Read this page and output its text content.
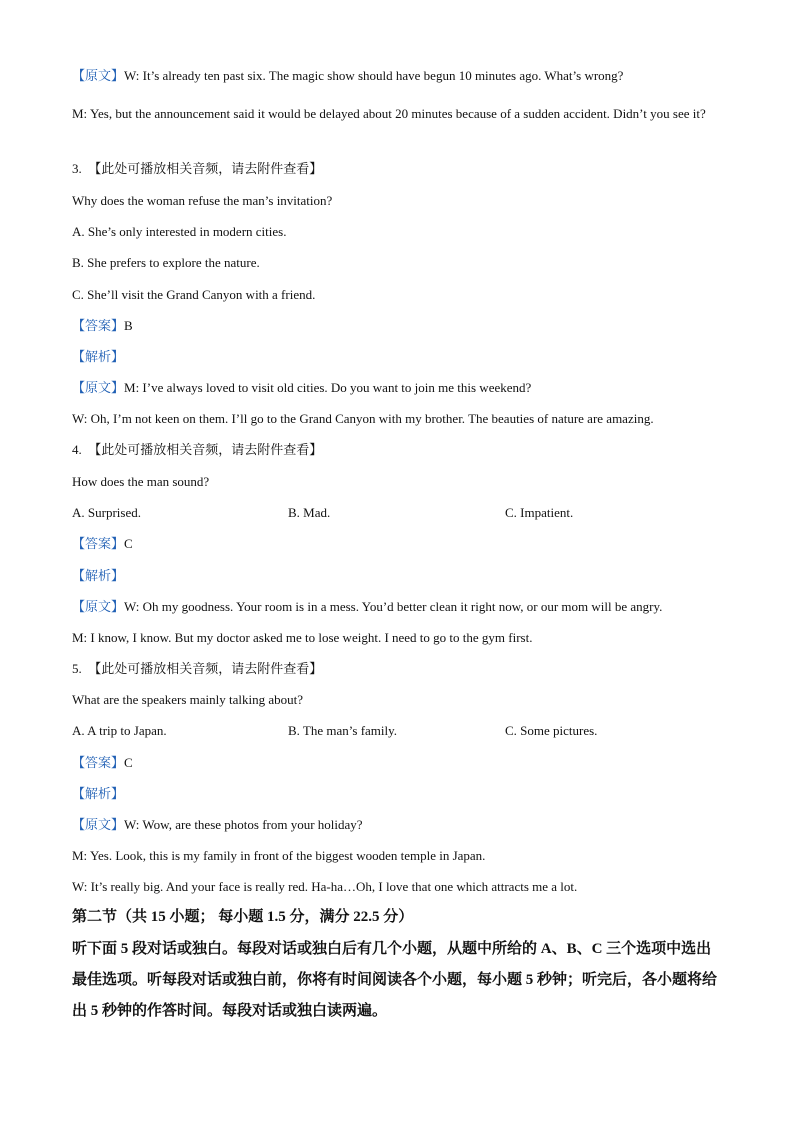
【原文】W: It’s already ten past six. The magic show should have begun 10 minutes ago. What’s wrong?
M: Yes, but the announcement said it would be delayed about 20 minutes because of a sudden accident. Didn’t you see it?
3. 【此处可播放相关音频，请去附件查看】
Why does the woman refuse the man’s invitation?
A. She’s only interested in modern cities.
B. She prefers to explore the nature.
C. She’ll visit the Grand Canyon with a friend.
【答案】B
【解析】
【原文】M: I’ve always loved to visit old cities. Do you want to join me this weekend?
W: Oh, I’m not keen on them. I’ll go to the Grand Canyon with my brother. The beauties of nature are amazing.
4. 【此处可播放相关音频，请去附件查看】
How does the man sound?
A. Surprised.	B. Mad.	C. Impatient.
【答案】C
【解析】
【原文】W: Oh my goodness. Your room is in a mess. You’d better clean it right now, or our mom will be angry.
M: I know, I know. But my doctor asked me to lose weight. I need to go to the gym first.
5. 【此处可播放相关音频，请去附件查看】
What are the speakers mainly talking about?
A. A trip to Japan.	B. The man’s family.	C. Some pictures.
【答案】C
【解析】
【原文】W: Wow, are these photos from your holiday?
M: Yes. Look, this is my family in front of the biggest wooden temple in Japan.
W: It’s really big. And your face is really red. Ha-ha…Oh, I love that one which attracts me a lot.
第二节（共 15 小题； 每小题 1.5 分，满分 22.5 分）
听下面 5 段对话或独白。每段对话或独白后有几个小题，从题中所给的 A、B、C 三个选项中选出最佳选项。听每段对话或独白前，你将有时间阅读各个小题，每小题 5 秒钟；听完后，各小题将给出 5 秒钟的作答时间。每段对话或独白读两遍。
